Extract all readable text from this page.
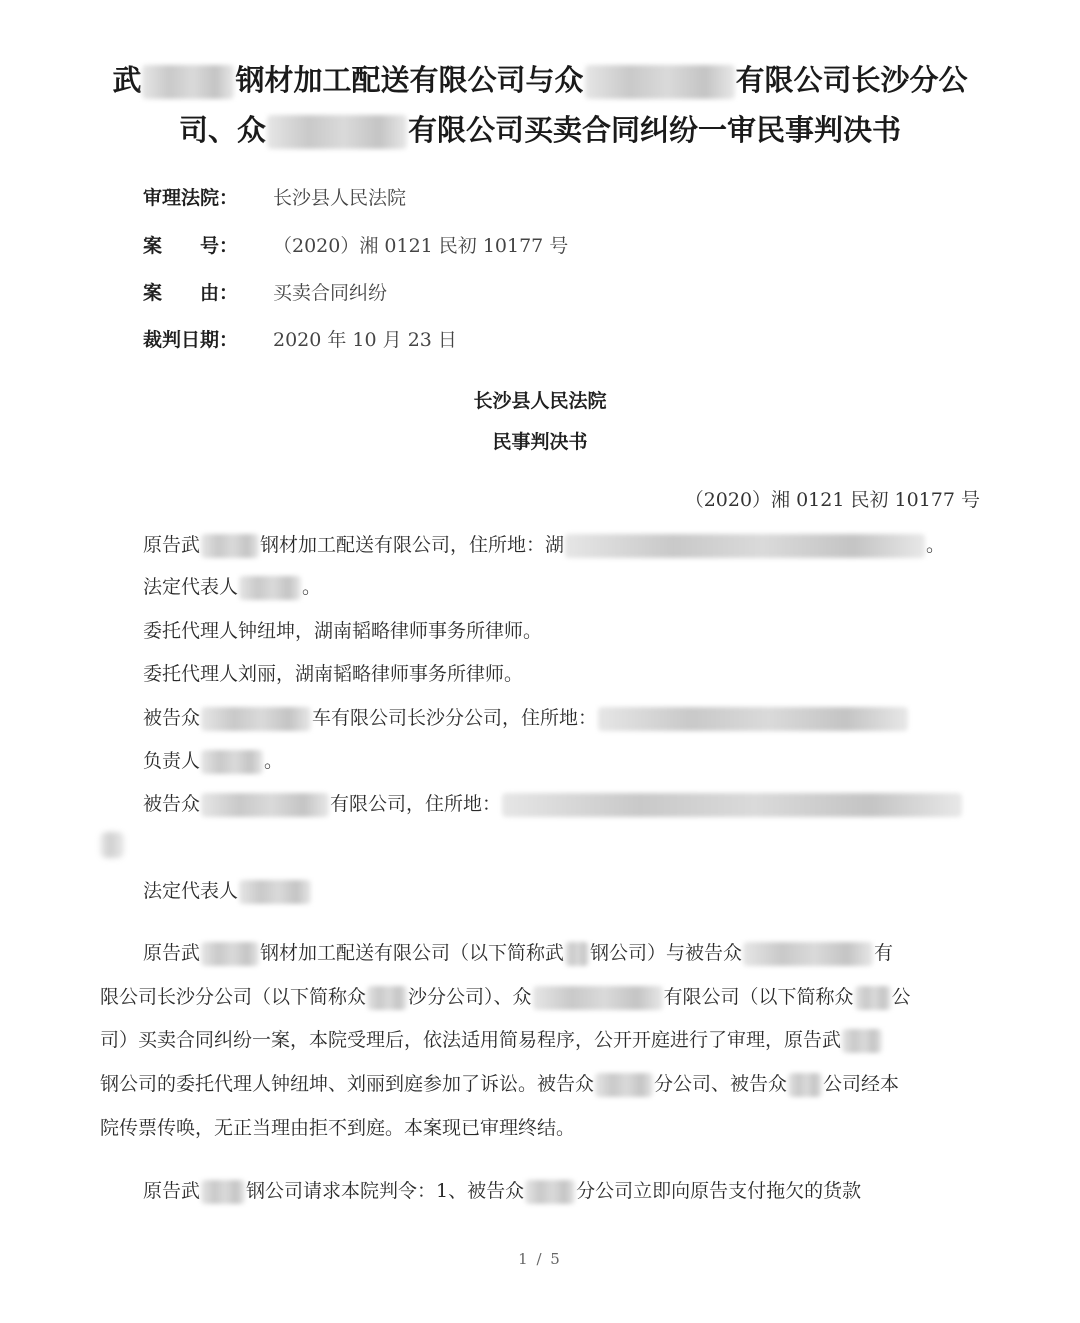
武	钢材加工配送有限公司与众	有限公司长沙分公
司、众	有限公司买卖合同纠纷一审民事判决书
审理法院： 长沙县人民法院
案　　号： （2020）湘 0121 民初 10177 号
案　　由： 买卖合同纠纷
裁判日期： 2020 年 10 月 23 日
长沙县人民法院
民事判决书
（2020）湘 0121 民初 10177 号
原告武	钢材加工配送有限公司，住所地：湖	。
法定代表人	。
委托代理人钟纽坤，湖南韬略律师事务所律师。
委托代理人刘丽，湖南韬略律师事务所律师。
被告众	车有限公司长沙分公司，住所地：
负责人	。
被告众	有限公司，住所地：
法定代表人
原告武	钢材加工配送有限公司（以下简称武 钢公司）与被告众	有
限公司长沙分公司（以下简称众 沙分公司）、众	有限公司（以下简称众 公
司）买卖合同纠纷一案，本院受理后，依法适用简易程序，公开开庭进行了审理，原告武
钢公司的委托代理人钟纽坤、刘丽到庭参加了诉讼。被告众	分公司、被告众 公司经本
院传票传唤，无正当理由拒不到庭。本案现已审理终结。
原告武 钢公司请求本院判令：1、被告众	分公司立即向原告支付拖欠的货款
1 / 5
